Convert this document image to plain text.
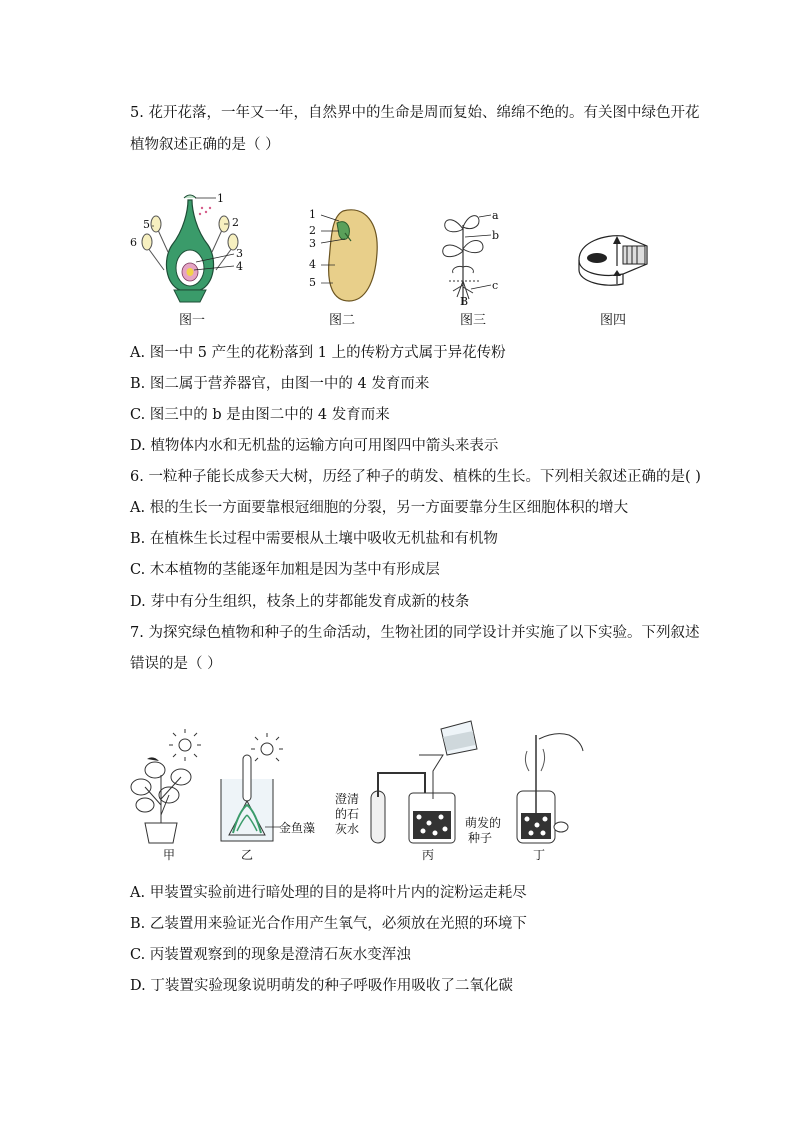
5. 花开花落，一年又一年，自然界中的生命是周而复始、绵绵不绝的。有关图中绿色开花
植物叙述正确的是（ ）
1
2
3
4
5
6
图一
1
2
3
4
5
图二
a
b
c
B
图三	图四
A. 图一中 5 产生的花粉落到 1 上的传粉方式属于异花传粉
B. 图二属于营养器官，由图一中的 4 发育而来
C. 图三中的 b 是由图二中的 4 发育而来
D. 植物体内水和无机盐的运输方向可用图四中箭头来表示
6. 一粒种子能长成参天大树，历经了种子的萌发、植株的生长。下列相关叙述正确的是( )
A. 根的生长一方面要靠根冠细胞的分裂，另一方面要靠分生区细胞体积的增大
B. 在植株生长过程中需要根从土壤中吸收无机盐和有机物
C. 木本植物的茎能逐年加粗是因为茎中有形成层
D. 芽中有分生组织，枝条上的芽都能发育成新的枝条
7. 为探究绿色植物和种子的生命活动，生物社团的同学设计并实施了以下实验。下列叙述
错误的是（ ）
甲	乙
金鱼藻
澄清
的石
灰水
丙
萌发的
种子
丁
A. 甲装置实验前进行暗处理的目的是将叶片内的淀粉运走耗尽
B. 乙装置用来验证光合作用产生氧气，必须放在光照的环境下
C. 丙装置观察到的现象是澄清石灰水变浑浊
D. 丁装置实验现象说明萌发的种子呼吸作用吸收了二氧化碳
